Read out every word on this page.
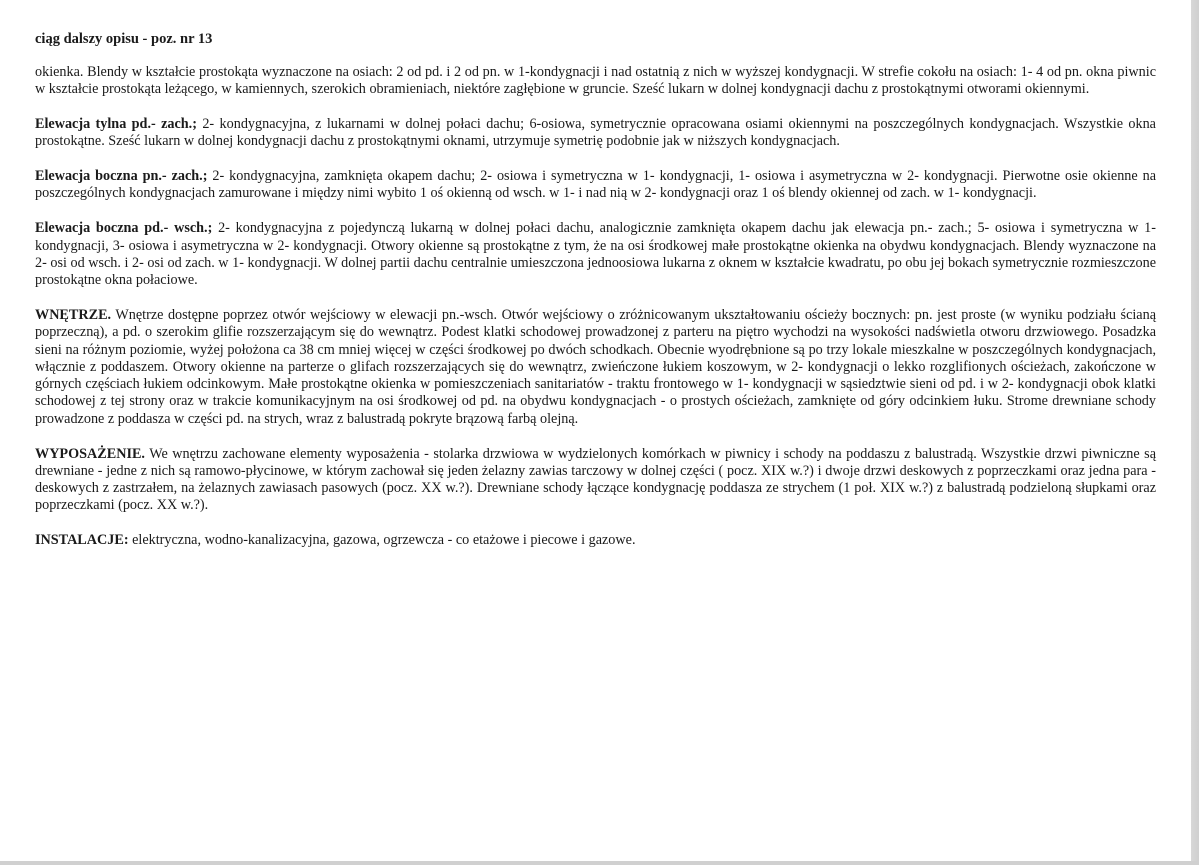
ciąg dalszy opisu - poz. nr 13

okienka. Blendy w kształcie prostokąta wyznaczone na osiach: 2 od pd. i 2 od pn. w 1-kondygnacji i nad ostatnią z nich w wyższej kondygnacji. W strefie cokołu na osiach: 1- 4 od pn. okna piwnic w kształcie prostokąta leżącego, w kamiennych, szerokich obramieniach, niektóre zagłębione w gruncie. Sześć lukarn w dolnej kondygnacji dachu z prostokątnymi otworami okiennymi.

Elewacja tylna pd.- zach.; 2- kondygnacyjna, z lukarnami w dolnej połaci dachu; 6-osiowa, symetrycznie opracowana osiami okiennymi na poszczególnych kondygnacjach. Wszystkie okna prostokątne. Sześć lukarn w dolnej kondygnacji dachu z prostokątnymi oknami, utrzymuje symetrię podobnie jak w niższych kondygnacjach.

Elewacja boczna pn.- zach.; 2- kondygnacyjna, zamknięta okapem dachu; 2- osiowa i symetryczna w 1- kondygnacji, 1- osiowa i asymetryczna w 2- kondygnacji. Pierwotne osie okienne na poszczególnych kondygnacjach zamurowane i między nimi wybito 1 oś okienną od wsch. w 1- i nad nią w 2- kondygnacji oraz 1 oś blendy okiennej od zach. w 1- kondygnacji.

Elewacja boczna pd.- wsch.; 2- kondygnacyjna z pojedynczą lukarną w dolnej połaci dachu, analogicznie zamknięta okapem dachu jak elewacja pn.- zach.; 5- osiowa i symetryczna w 1- kondygnacji, 3- osiowa i asymetryczna w 2- kondygnacji. Otwory okienne są prostokątne z tym, że na osi środkowej małe prostokątne okienka na obydwu kondygnacjach. Blendy wyznaczone na 2- osi od wsch. i 2- osi od zach. w 1- kondygnacji. W dolnej partii dachu centralnie umieszczona jednoosiowa lukarna z oknem w kształcie kwadratu, po obu jej bokach symetrycznie rozmieszczone prostokątne okna połaciowe.

WNĘTRZE. Wnętrze dostępne poprzez otwór wejściowy w elewacji pn.-wsch. Otwór wejściowy o zróżnicowanym ukształtowaniu ościeży bocznych: pn. jest proste (w wyniku podziału ścianą poprzeczną), a pd. o szerokim glifie rozszerzającym się do wewnątrz. Podest klatki schodowej prowadzonej z parteru na piętro wychodzi na wysokości nadświetla otworu drzwiowego. Posadzka sieni na różnym poziomie, wyżej położona ca 38 cm mniej więcej w części środkowej po dwóch schodkach. Obecnie wyodrębnione są po trzy lokale mieszkalne w poszczególnych kondygnacjach, włącznie z poddaszem. Otwory okienne na parterze o glifach rozszerzających się do wewnątrz, zwieńczone łukiem koszowym, w 2- kondygnacji o lekko rozglifionych ościeżach, zakończone w górnych częściach łukiem odcinkowym. Małe prostokątne okienka w pomieszczeniach sanitariatów - traktu frontowego w 1- kondygnacji w sąsiedztwie sieni od pd. i w 2- kondygnacji obok klatki schodowej z tej strony oraz w trakcie komunikacyjnym na osi środkowej od pd. na obydwu kondygnacjach - o prostych ościeżach, zamknięte od góry odcinkiem łuku. Strome drewniane schody prowadzone z poddasza w części pd. na strych, wraz z balustradą pokryte brązową farbą olejną.

WYPOSAŻENIE. We wnętrzu zachowane elementy wyposażenia - stolarka drzwiowa w wydzielonych komórkach w piwnicy i schody na poddaszu z balustradą. Wszystkie drzwi piwniczne są drewniane - jedne z nich są ramowo-płycinowe, w którym zachował się jeden żelazny zawias tarczowy w dolnej części ( pocz. XIX w.?) i dwoje drzwi deskowych z poprzeczkami oraz jedna para - deskowych z zastrzałem, na żelaznych zawiasach pasowych (pocz. XX w.?). Drewniane schody łączące kondygnację poddasza ze strychem (1 poł. XIX w.?) z balustradą podzieloną słupkami oraz poprzeczkami (pocz. XX w.?).

INSTALACJE: elektryczna, wodno-kanalizacyjna, gazowa, ogrzewcza - co etażowe i piecowe i gazowe.
